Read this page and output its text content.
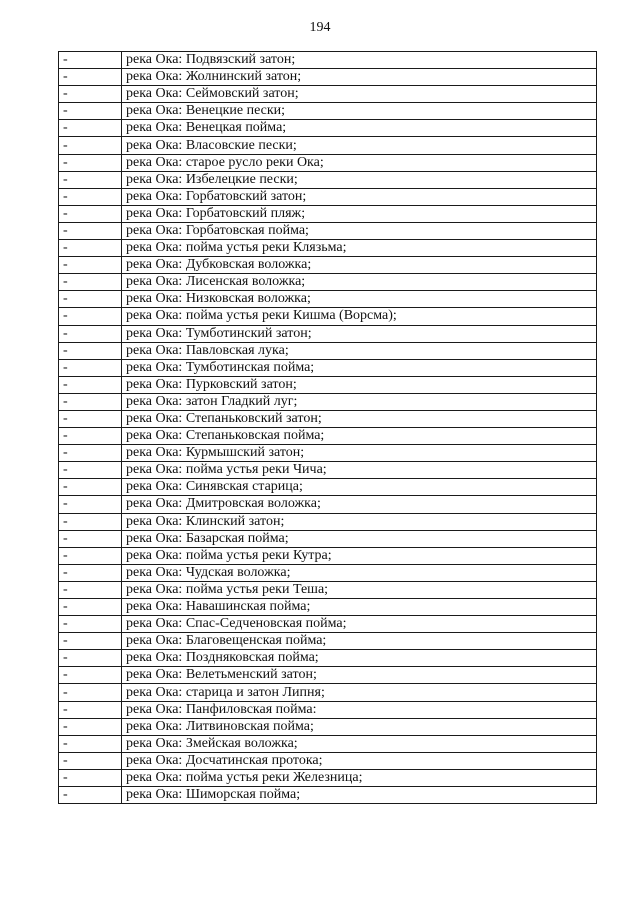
194
-	река Ока: Подвязский затон;
-	река Ока: Жолнинский затон;
-	река Ока: Сеймовский затон;
-	река Ока: Венецкие пески;
-	река Ока: Венецкая пойма;
-	река Ока: Власовские пески;
-	река Ока: старое русло реки Ока;
-	река Ока: Избелецкие пески;
-	река Ока: Горбатовский затон;
-	река Ока: Горбатовский пляж;
-	река Ока: Горбатовская пойма;
-	река Ока: пойма устья реки Клязьма;
-	река Ока: Дубковская воложка;
-	река Ока: Лисенская воложка;
-	река Ока: Низковская воложка;
-	река Ока: пойма устья реки Кишма (Ворсма);
-	река Ока: Тумботинский затон;
-	река Ока: Павловская лука;
-	река Ока: Тумботинская пойма;
-	река Ока: Пурковский затон;
-	река Ока: затон Гладкий луг;
-	река Ока: Степаньковский затон;
-	река Ока: Степаньковская пойма;
-	река Ока: Курмышский затон;
-	река Ока: пойма устья реки Чича;
-	река Ока: Синявская старица;
-	река Ока: Дмитровская воложка;
-	река Ока: Клинский затон;
-	река Ока: Базарская пойма;
-	река Ока: пойма устья реки Кутра;
-	река Ока: Чудская воложка;
-	река Ока: пойма устья реки Теша;
-	река Ока: Навашинская пойма;
-	река Ока: Спас-Седченовская пойма;
-	река Ока: Благовещенская пойма;
-	река Ока: Поздняковская пойма;
-	река Ока: Велетьменский затон;
-	река Ока: старица и затон Липня;
-	река Ока: Панфиловская пойма:
-	река Ока: Литвиновская пойма;
-	река Ока: Змейская воложка;
-	река Ока: Досчатинская протока;
-	река Ока: пойма устья реки Железница;
-	река Ока: Шиморская пойма;
